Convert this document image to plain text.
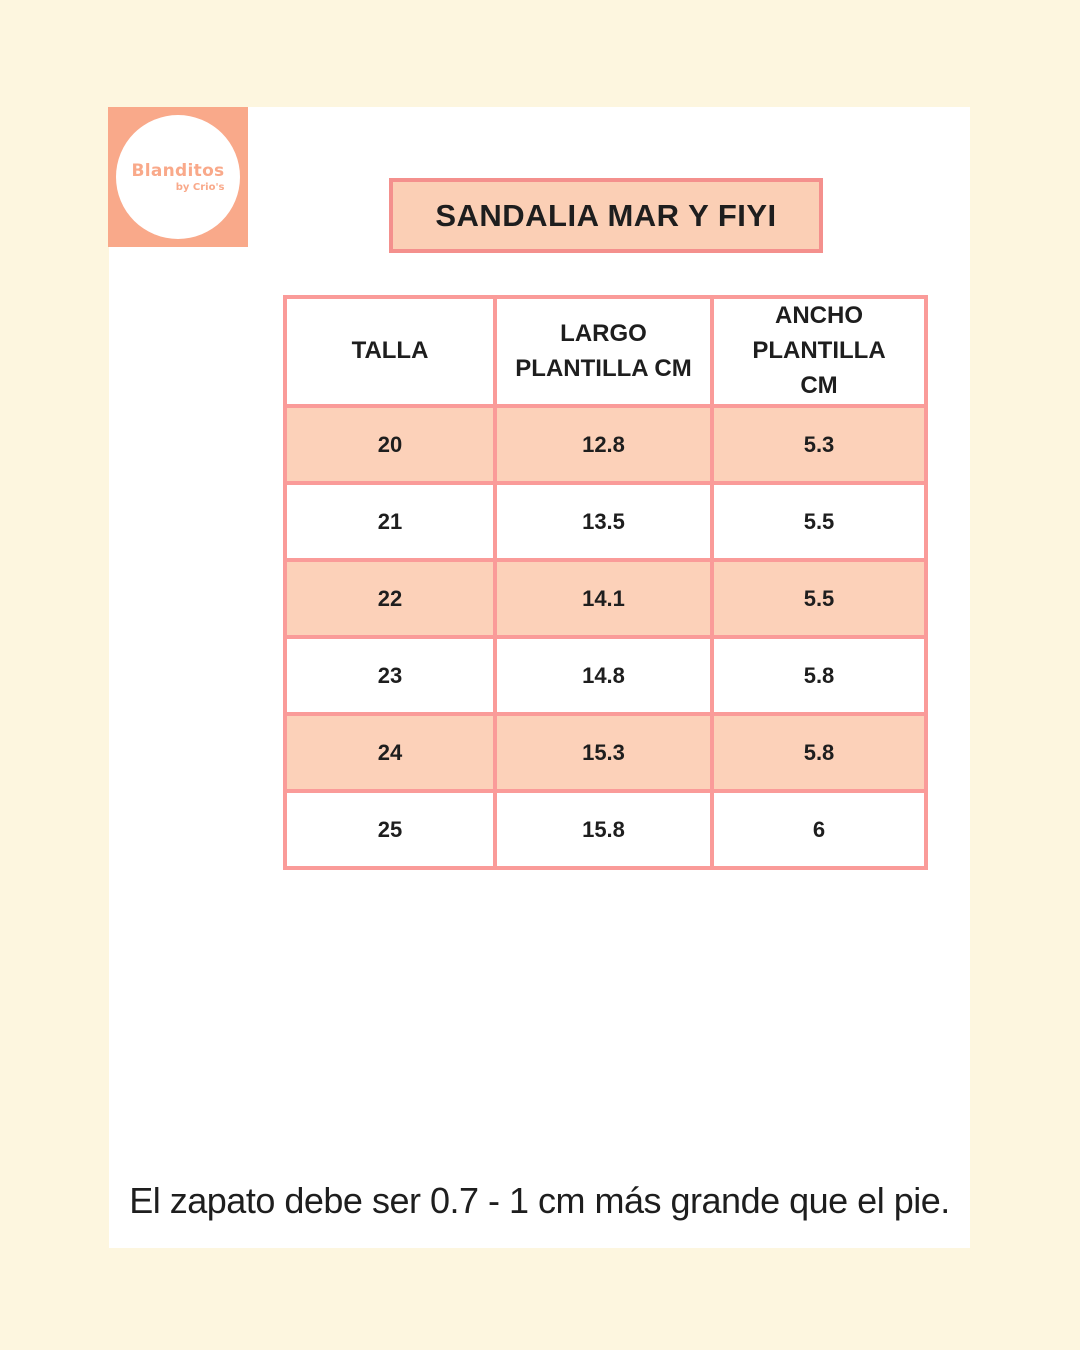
Blanditos
by Crio's
SANDALIA MAR Y FIYI
TALLA	LARGO PLANTILLA CM	ANCHO PLANTILLA CM
20	12.8	5.3
21	13.5	5.5
22	14.1	5.5
23	14.8	5.8
24	15.3	5.8
25	15.8	6
El zapato debe ser 0.7 - 1 cm más grande que el pie.
